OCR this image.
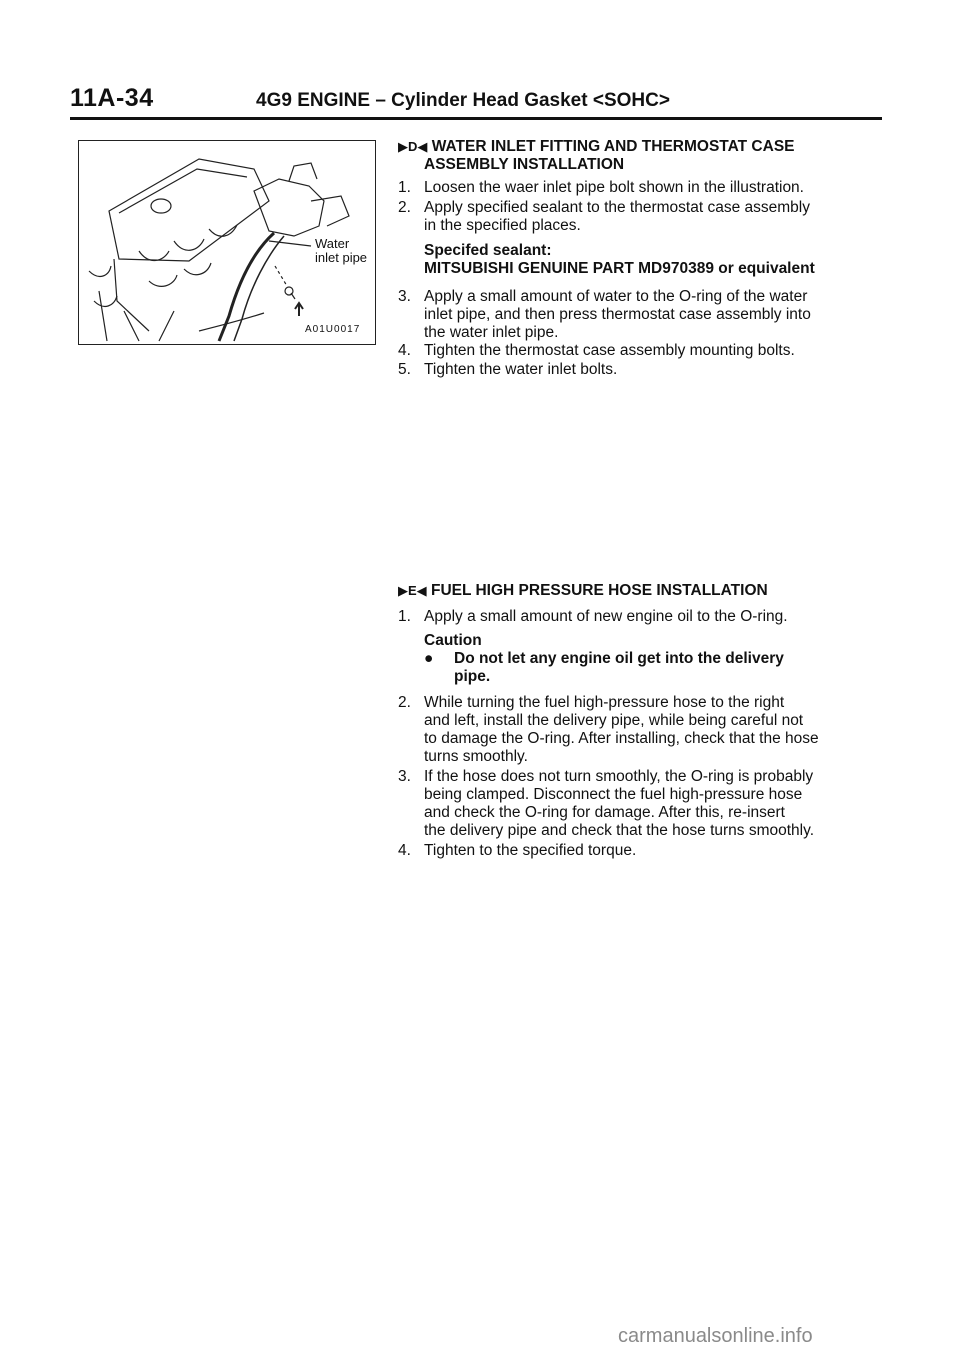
11A-34	4G9 ENGINE – Cylinder Head Gasket <SOHC>
Water
inlet pipe
A01U0017
▶D◀ WATER INLET FITTING AND THERMOSTAT CASE
ASSEMBLY INSTALLATION
1. Loosen the waer inlet pipe bolt shown in the illustration.
2. Apply specified sealant to the thermostat case assembly
in the specified places.
Specifed sealant:
MITSUBISHI GENUINE PART MD970389 or equivalent
3. Apply a small amount of water to the O-ring of the water
inlet pipe, and then press thermostat case assembly into
the water inlet pipe.
4. Tighten the thermostat case assembly mounting bolts.
5. Tighten the water inlet bolts.
▶E◀ FUEL HIGH PRESSURE HOSE INSTALLATION
1. Apply a small amount of new engine oil to the O-ring.
Caution
● Do not let any engine oil get into the delivery
pipe.
2. While turning the fuel high-pressure hose to the right
and left, install the delivery pipe, while being careful not
to damage the O-ring. After installing, check that the hose
turns smoothly.
3. If the hose does not turn smoothly, the O-ring is probably
being clamped. Disconnect the fuel high-pressure hose
and check the O-ring for damage. After this, re-insert
the delivery pipe and check that the hose turns smoothly.
4. Tighten to the specified torque.
carmanualsonline.info
